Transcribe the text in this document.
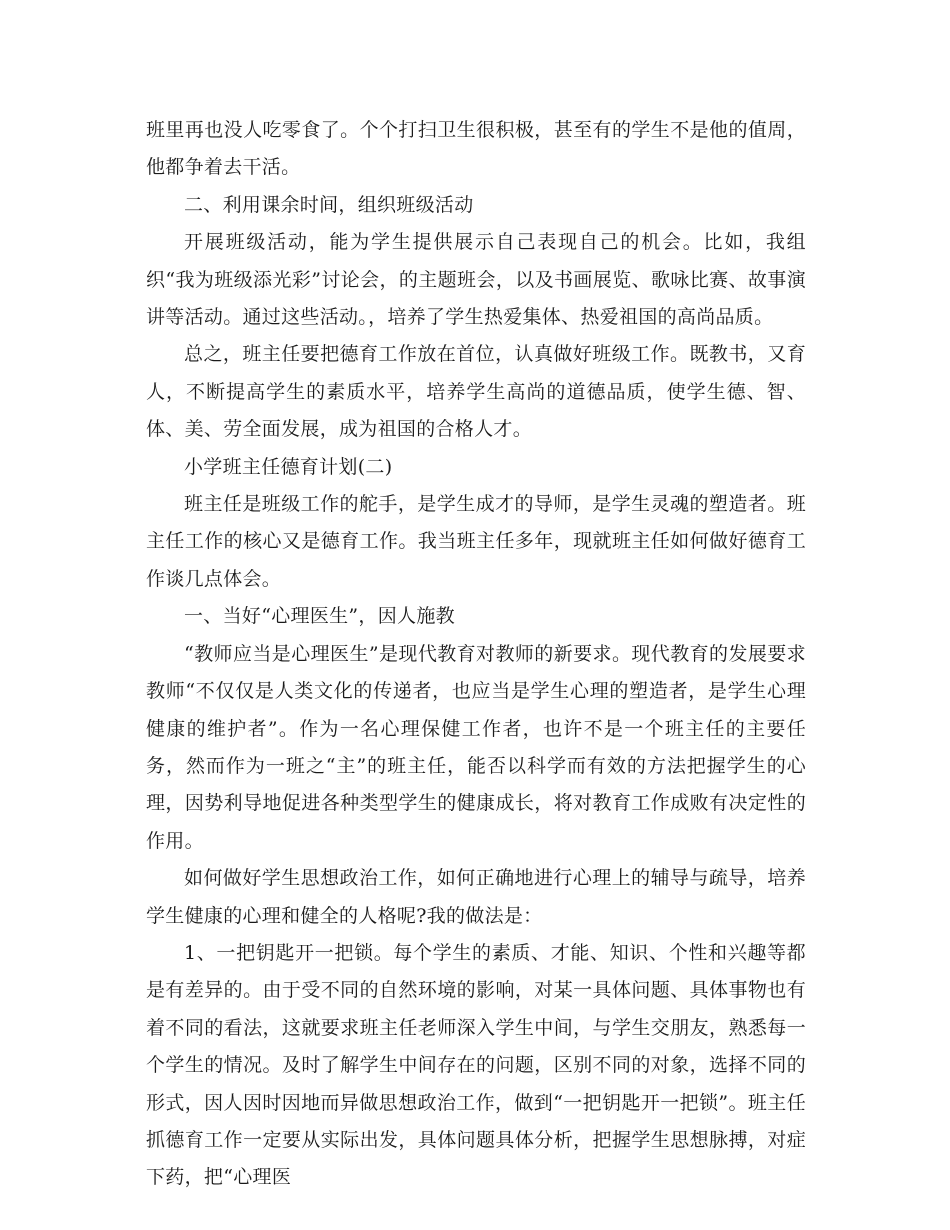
班里再也没人吃零食了。个个打扫卫生很积极，甚至有的学生不是他的值周，他都争着去干活。

二、利用课余时间，组织班级活动

开展班级活动，能为学生提供展示自己表现自己的机会。比如，我组织“我为班级添光彩”讨论会，的主题班会，以及书画展览、歌咏比赛、故事演讲等活动。通过这些活动。，培养了学生热爱集体、热爱祖国的高尚品质。

总之，班主任要把德育工作放在首位，认真做好班级工作。既教书，又育人，不断提高学生的素质水平，培养学生高尚的道德品质，使学生德、智、体、美、劳全面发展，成为祖国的合格人才。

小学班主任德育计划(二)

班主任是班级工作的舵手，是学生成才的导师，是学生灵魂的塑造者。班主任工作的核心又是德育工作。我当班主任多年，现就班主任如何做好德育工作谈几点体会。

一、当好“心理医生”，因人施教

“教师应当是心理医生”是现代教育对教师的新要求。现代教育的发展要求教师“不仅仅是人类文化的传递者，也应当是学生心理的塑造者，是学生心理健康的维护者”。作为一名心理保健工作者，也许不是一个班主任的主要任务，然而作为一班之“主”的班主任，能否以科学而有效的方法把握学生的心理，因势利导地促进各种类型学生的健康成长，将对教育工作成败有决定性的作用。

如何做好学生思想政治工作，如何正确地进行心理上的辅导与疏导，培养学生健康的心理和健全的人格呢?我的做法是：

1、一把钥匙开一把锁。每个学生的素质、才能、知识、个性和兴趣等都是有差异的。由于受不同的自然环境的影响，对某一具体问题、具体事物也有着不同的看法，这就要求班主任老师深入学生中间，与学生交朋友，熟悉每一个学生的情况。及时了解学生中间存在的问题，区别不同的对象，选择不同的形式，因人因时因地而异做思想政治工作，做到“一把钥匙开一把锁”。班主任抓德育工作一定要从实际出发，具体问题具体分析，把握学生思想脉搏，对症下药，把“心理医
